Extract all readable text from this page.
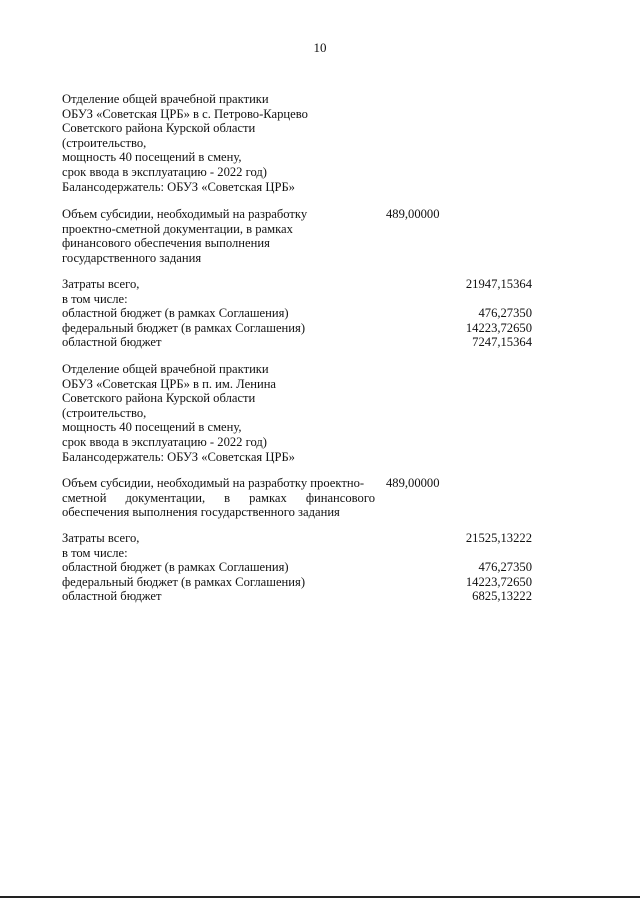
10
Отделение общей врачебной практики
ОБУЗ «Советская ЦРБ» в с. Петрово-Карцево
Советского района Курской области
(строительство,
мощность 40 посещений в смену,
срок ввода в эксплуатацию - 2022 год)
Балансодержатель: ОБУЗ «Советская ЦРБ»
Объем субсидии, необходимый на разработку
проектно-сметной документации, в рамках
финансового обеспечения выполнения
государственного задания
489,00000
Затраты всего,
в том числе:
областной бюджет (в рамках Соглашения)
федеральный бюджет (в рамках Соглашения)
областной бюджет
21947,15364
476,27350
14223,72650
7247,15364
Отделение общей врачебной практики
ОБУЗ «Советская ЦРБ» в п. им. Ленина
Советского района Курской области
(строительство,
мощность 40 посещений в смену,
срок ввода в эксплуатацию - 2022 год)
Балансодержатель: ОБУЗ «Советская ЦРБ»
Объем субсидии, необходимый на разработку проектно-
сметной документации, в рамках финансового
обеспечения выполнения государственного задания
489,00000
Затраты всего,
в том числе:
областной бюджет (в рамках Соглашения)
федеральный бюджет (в рамках Соглашения)
областной бюджет
21525,13222
476,27350
14223,72650
6825,13222
